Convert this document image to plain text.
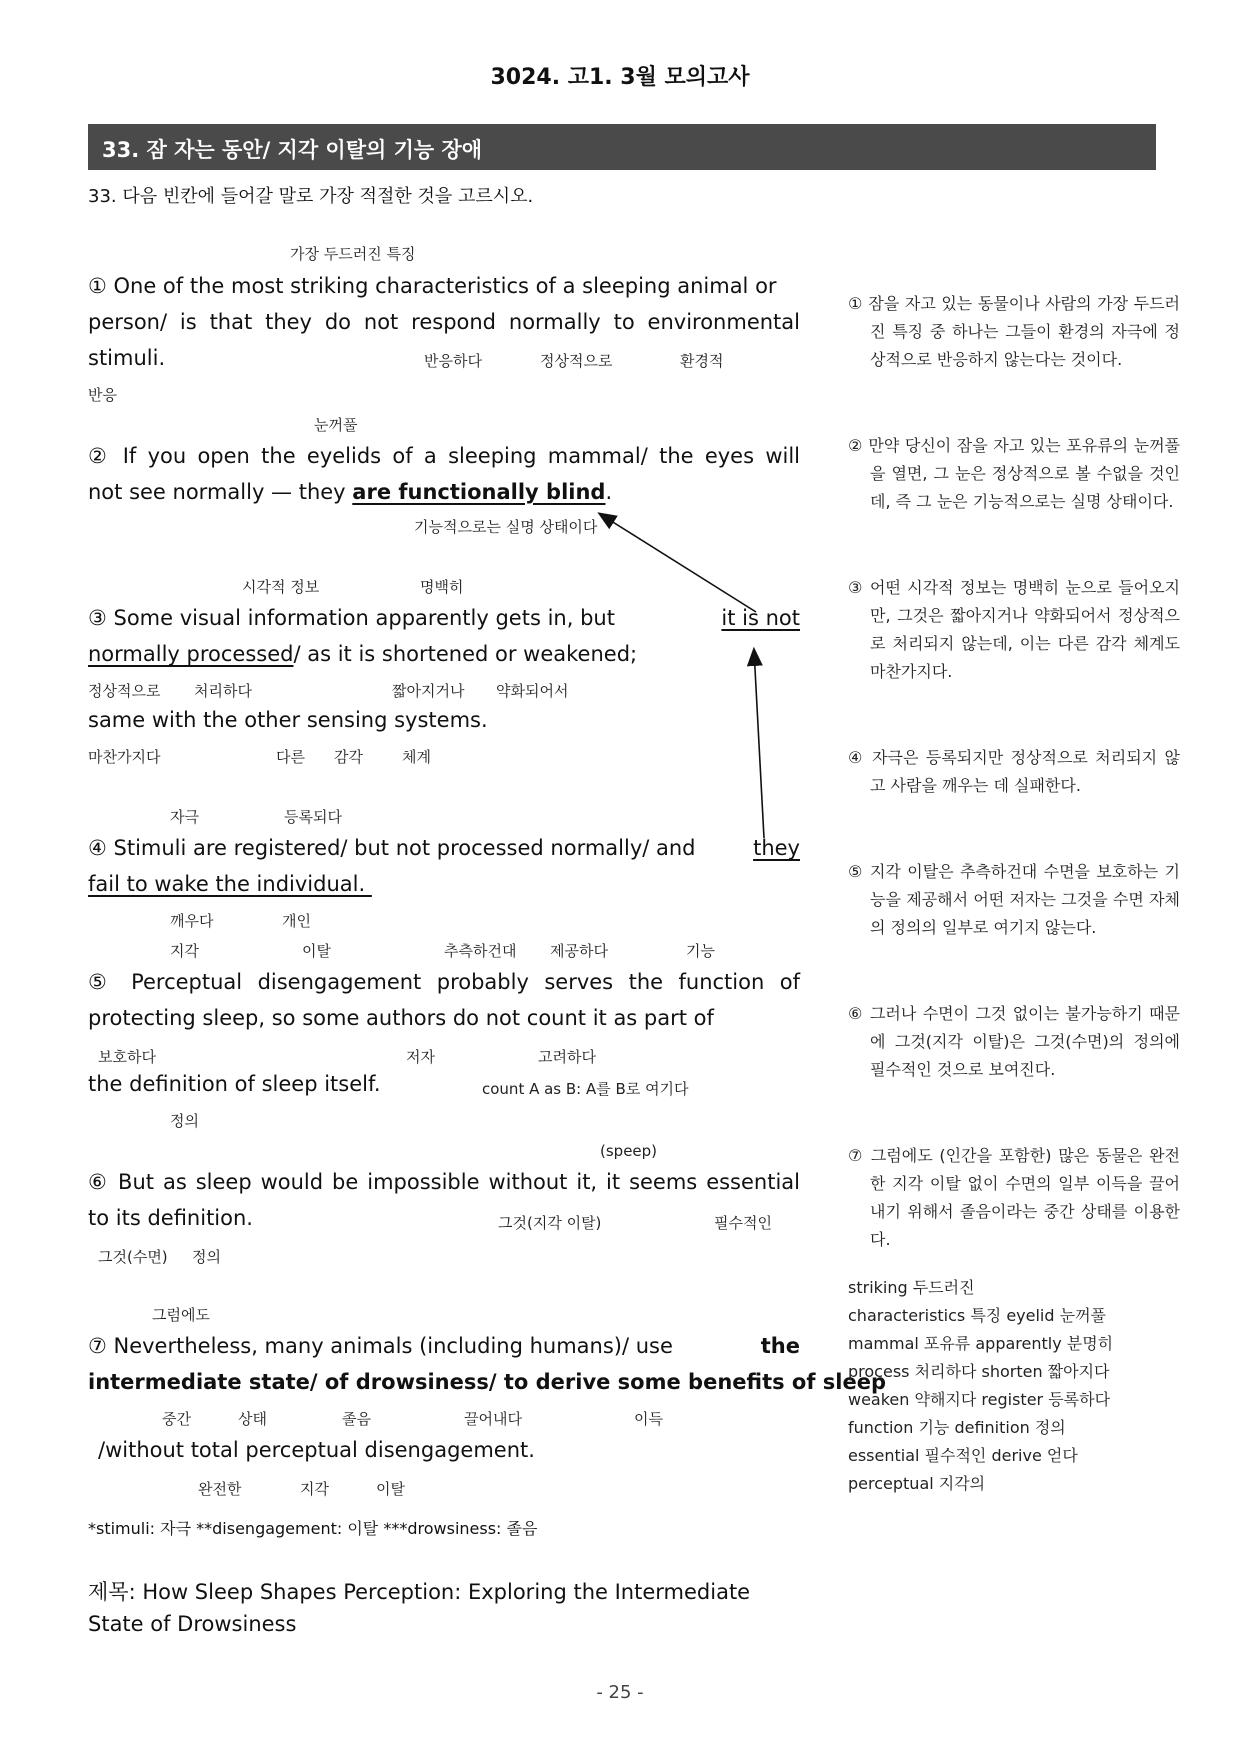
3024. 고1. 3월 모의고사
33. 잠 자는 동안/ 지각 이탈의 기능 장애
33. 다음 빈칸에 들어갈 말로 가장 적절한 것을 고르시오.
가장 두드러진 특징
① One of the most striking characteristics of a sleeping animal or
person/ is that they do not respond normally to environmental
stimuli.	반응하다	정상적으로	환경적
반응
눈꺼풀
② If you open the eyelids of a sleeping mammal/ the eyes will
not see normally — they are functionally blind.
기능적으로는 실명 상태이다
시각적 정보	명백히
③ Some visual information apparently gets in, but	it is not
normally processed/ as it is shortened or weakened;
정상적으로 처리하다	짧아지거나 약화되어서
same with the other sensing systems.
마찬가지다	다른 감각	체계
자극	등록되다
④ Stimuli are registered/ but not processed normally/ and they
fail to wake the individual.
깨우다	개인
지각	이탈	추측하건대 제공하다	기능
⑤ Perceptual disengagement probably serves the function of
protecting sleep, so some authors do not count it as part of
보호하다	저자	고려하다
the definition of sleep itself.	count A as B: A를 B로 여기다
정의
(speep)
⑥ But as sleep would be impossible without it, it seems essential
to its definition.	그것(지각 이탈)	필수적인
그것(수면) 정의
그럼에도
⑦ Nevertheless, many animals (including humans)/ use	the
intermediate state/ of drowsiness/ to derive some benefits of sleep
중간	상태	졸음	끌어내다	이득
/without total perceptual disengagement.
완전한	지각	이탈
*stimuli: 자극 **disengagement: 이탈 ***drowsiness: 졸음
제목: How Sleep Shapes Perception: Exploring the Intermediate
State of Drowsiness
① 잠을 자고 있는 동물이나 사람의 가장 두드러진 특징 중 하나는 그들이 환경의 자극에 정상적으로 반응하지 않는다는 것이다.
② 만약 당신이 잠을 자고 있는 포유류의 눈꺼풀을 열면, 그 눈은 정상적으로 볼 수없을 것인데, 즉 그 눈은 기능적으로는 실명 상태이다.
③ 어떤 시각적 정보는 명백히 눈으로 들어오지만, 그것은 짧아지거나 약화되어서 정상적으로 처리되지 않는데, 이는 다른 감각 체계도 마찬가지다.
④ 자극은 등록되지만 정상적으로 처리되지 않고 사람을 깨우는 데 실패한다.
⑤ 지각 이탈은 추측하건대 수면을 보호하는 기능을 제공해서 어떤 저자는 그것을 수면 자체의 정의의 일부로 여기지 않는다.
⑥ 그러나 수면이 그것 없이는 불가능하기 때문에 그것(지각 이탈)은 그것(수면)의 정의에 필수적인 것으로 보여진다.
⑦ 그럼에도 (인간을 포함한) 많은 동물은 완전한 지각 이탈 없이 수면의 일부 이득을 끌어내기 위해서 졸음이라는 중간 상태를 이용한다.
striking 두드러진
characteristics 특징 eyelid 눈꺼풀
mammal 포유류 apparently 분명히
process 처리하다 shorten 짧아지다
weaken 약해지다 register 등록하다
function 기능 definition 정의
essential 필수적인 derive 얻다
perceptual 지각의
- 25 -
